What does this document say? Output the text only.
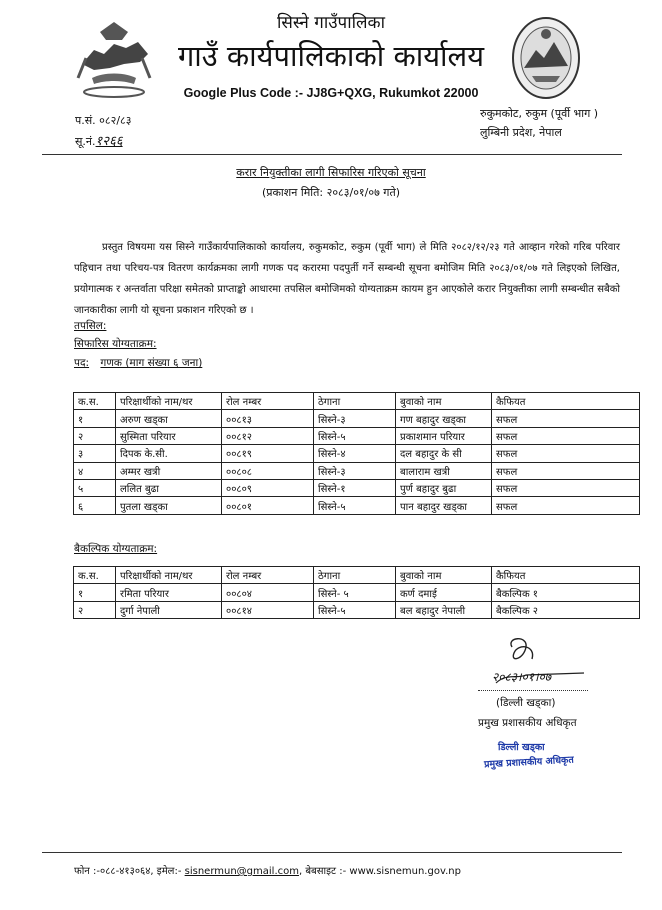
सिस्ने गाउँपालिका
गाउँ कार्यपालिकाको कार्यालय
Google Plus Code :- JJ8G+QXG, Rukumkot 22000
प.सं. ०८२/८३
सू.नं.१२६६
रुकुमकोट, रुकुम (पूर्वी भाग )
लुम्बिनी प्रदेश, नेपाल
करार नियुक्तीका लागी सिफारिस गरिएको सूचना
(प्रकाशन मिति: २०८३/०१/०७ गते)
प्रस्तुत विषयमा यस सिस्ने गाउँकार्यपालिकाको कार्यालय, रुकुमकोट, रुकुम (पूर्वी भाग) ले मिति २०८२/१२/२३ गते आव्हान गरेको गरिब परिवार पहिचान तथा परिचय-पत्र वितरण कार्यक्रमका लागी गणक पद करारमा पदपुर्ती गर्ने सम्बन्धी सूचना बमोजिम मिति २०८३/०१/०७ गते लिइएको लिखित, प्रयोगात्मक र अन्तर्वाता परिक्षा समेतको प्राप्ताङ्को आधारमा तपसिल बमोजिमको योग्यताक्रम कायम हुन आएकोले करार नियुक्तीका लागी सम्बन्धीत सबैको जानकारीका लागी यो सूचना प्रकाशन गरिएको छ ।
तपसिल:
सिफारिस योग्यताक्रम:
पद: गणक (माग संख्या ६ जना)
क.स.	परिक्षार्थीको नाम/थर	रोल नम्बर	ठेगाना	बुवाको नाम	कैफियत
१	अरुण खड्का	००८१३	सिस्ने-३	गण बहादुर खड्का	सफल
२	सुस्मिता परियार	००८१२	सिस्ने-५	प्रकाशमान परियार	सफल
३	दिपक के.सी.	००८१९	सिस्ने-४	दल बहादुर के सी	सफल
४	अम्मर खत्री	००८०८	सिस्ने-३	बालाराम खत्री	सफल
५	ललित बुढा	००८०९	सिस्ने-१	पुर्ण बहादुर बुढा	सफल
६	पुतला खड्का	००८०१	सिस्ने-५	पान बहादुर खड्का	सफल
बैकल्पिक योग्यताक्रम:
क.स.	परिक्षार्थीको नाम/थर	रोल नम्बर	ठेगाना	बुवाको नाम	कैफियत
१	रमिता परियार	००८०४	सिस्ने- ५	कर्ण दमाई	बैकल्पिक १
२	दुर्गा नेपाली	००८१४	सिस्ने-५	बल बहादुर नेपाली	बैकल्पिक २
२०८३।०१।०७
(डिल्ली खड्का)
प्रमुख प्रशासकीय अधिकृत
डिल्ली खड्का
प्रमुख प्रशासकीय अधिकृत
फोन :-०८८-४१३०६४, इमेल:- sisnermun@gmail.com, बेबसाइट :- www.sisnemun.gov.np
